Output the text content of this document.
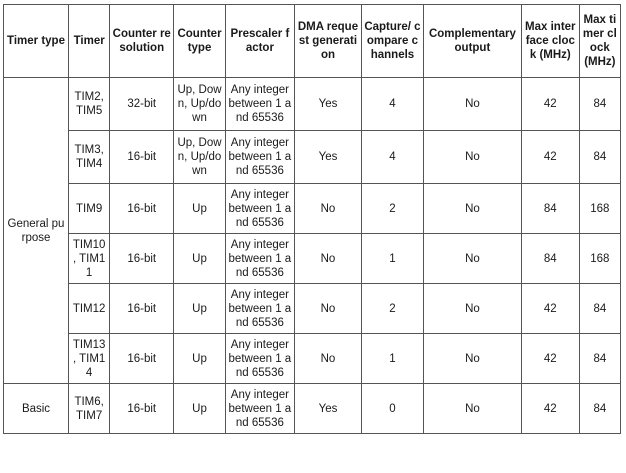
Timer type	Timer	Counter resolution	Counter type	Prescaler factor	DMA request generation	Capture/ compare channels	Complementary output	Max interface clock (MHz)	Max timer clock (MHz)
General purpose	TIM2, TIM5	32-bit	Up, Down, Up/down	Any integer between 1 and 65536	Yes	4	No	42	84
	TIM3, TIM4	16-bit	Up, Down, Up/down	Any integer between 1 and 65536	Yes	4	No	42	84
	TIM9	16-bit	Up	Any integer between 1 and 65536	No	2	No	84	168
	TIM10 , TIM11	16-bit	Up	Any integer between 1 and 65536	No	1	No	84	168
	TIM12	16-bit	Up	Any integer between 1 and 65536	No	2	No	42	84
	TIM13 , TIM14	16-bit	Up	Any integer between 1 and 65536	No	1	No	42	84
Basic	TIM6, TIM7	16-bit	Up	Any integer between 1 and 65536	Yes	0	No	42	84
